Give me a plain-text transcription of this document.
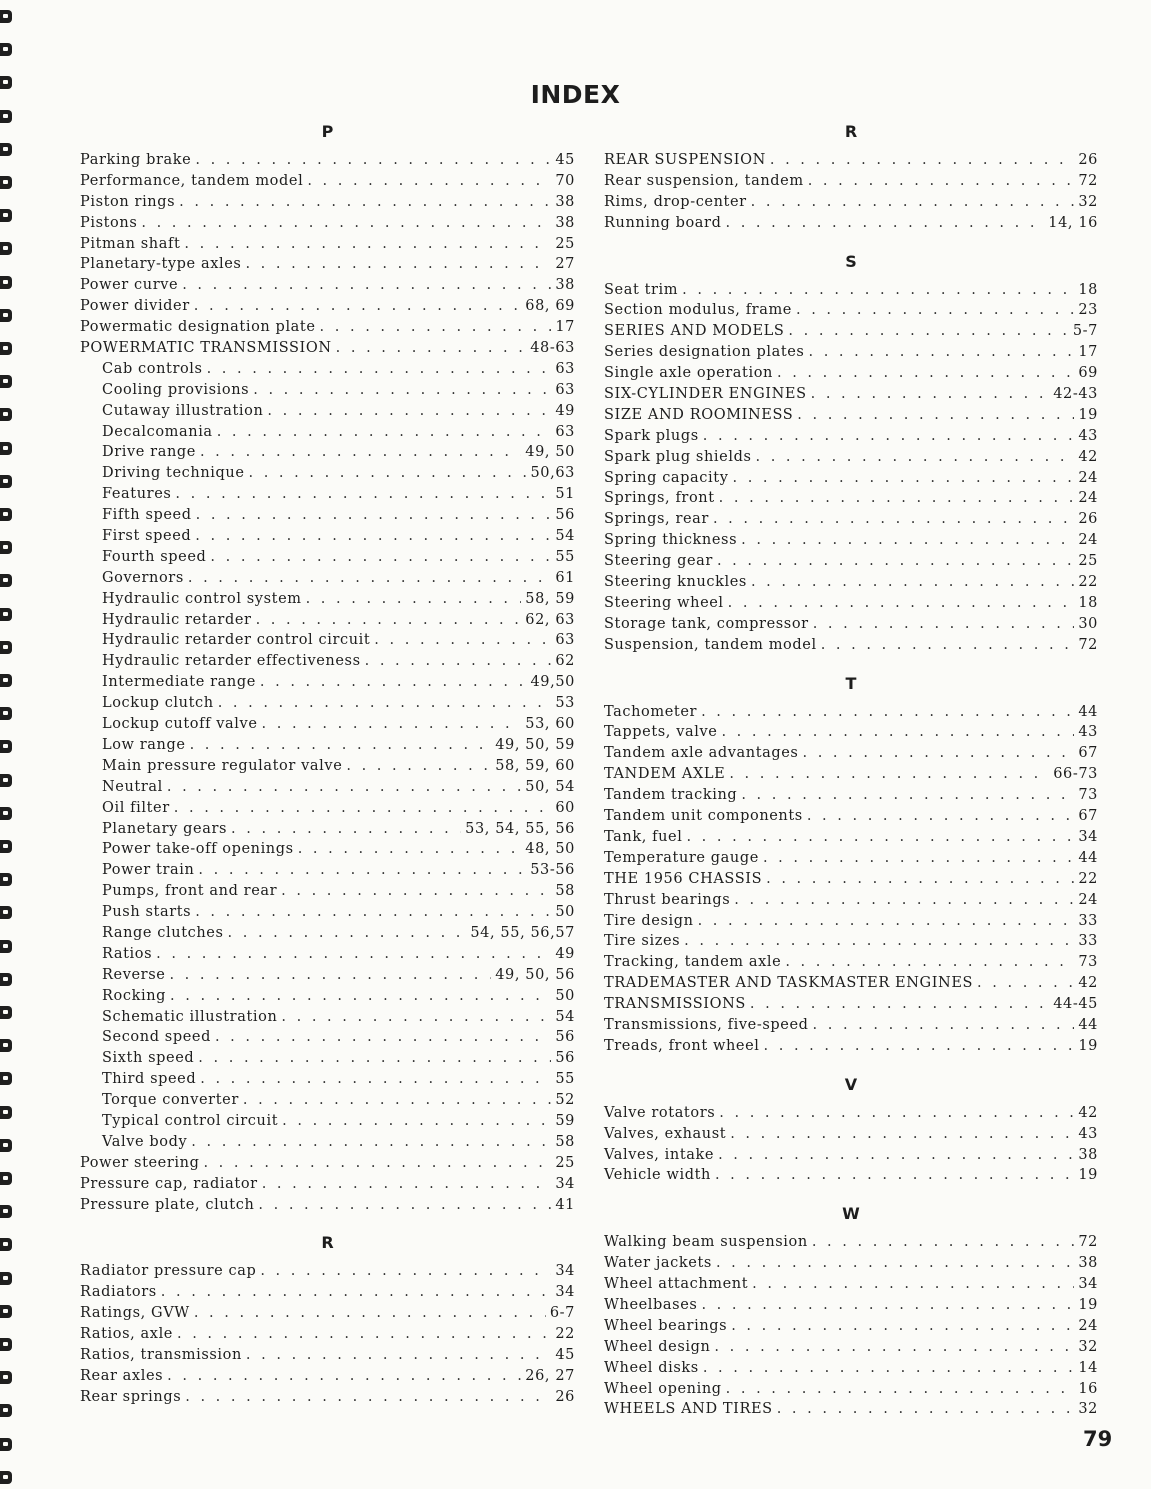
INDEX
P
Parking brake . . .	45
Performance, tandem model . . .	70
Piston rings . . .	38
Pistons . . .	38
Pitman shaft . . .	25
Planetary-type axles . . .	27
Power curve . . .	38
Power divider . . .	68, 69
Powermatic designation plate . . .	17
POWERMATIC TRANSMISSION . . .	48-63
Cab controls . . .	63
Cooling provisions . . .	63
Cutaway illustration . . .	49
Decalcomania . . .	63
Drive range . . .	49, 50
Driving technique . . .	50,63
Features . . .	51
Fifth speed . . .	56
First speed . . .	54
Fourth speed . . .	55
Governors . . .	61
Hydraulic control system . . .	58, 59
Hydraulic retarder . . .	62, 63
Hydraulic retarder control circuit . . .	63
Hydraulic retarder effectiveness . . .	62
Intermediate range . . .	49,50
Lockup clutch . . .	53
Lockup cutoff valve . . .	53, 60
Low range . . .	49, 50, 59
Main pressure regulator valve . . .	58, 59, 60
Neutral . . .	50, 54
Oil filter . . .	60
Planetary gears . . .	53, 54, 55, 56
Power take-off openings . . .	48, 50
Power train . . .	53-56
Pumps, front and rear . . .	58
Push starts . . .	50
Range clutches . . .	54, 55, 56,57
Ratios . . .	49
Reverse . . .	49, 50, 56
Rocking . . .	50
Schematic illustration . . .	54
Second speed . . .	56
Sixth speed . . .	56
Third speed . . .	55
Torque converter . . .	52
Typical control circuit . . .	59
Valve body . . .	58
Power steering . . .	25
Pressure cap, radiator . . .	34
Pressure plate, clutch . . .	41
R
Radiator pressure cap . . .	34
Radiators . . .	34
Ratings, GVW . . .	6-7
Ratios, axle . . .	22
Ratios, transmission . . .	45
Rear axles . . .	26, 27
Rear springs . . .	26
R
REAR SUSPENSION . . .	26
Rear suspension, tandem . . .	72
Rims, drop-center . . .	32
Running board . . .	14, 16
S
Seat trim . . .	18
Section modulus, frame . . .	23
SERIES AND MODELS . . .	5-7
Series designation plates . . .	17
Single axle operation . . .	69
SIX-CYLINDER ENGINES . . .	42-43
SIZE AND ROOMINESS . . .	19
Spark plugs . . .	43
Spark plug shields . . .	42
Spring capacity . . .	24
Springs, front . . .	24
Springs, rear . . .	26
Spring thickness . . .	24
Steering gear . . .	25
Steering knuckles . . .	22
Steering wheel . . .	18
Storage tank, compressor . . .	30
Suspension, tandem model . . .	72
T
Tachometer . . .	44
Tappets, valve . . .	43
Tandem axle advantages . . .	67
TANDEM AXLE . . .	66-73
Tandem tracking . . .	73
Tandem unit components . . .	67
Tank, fuel . . .	34
Temperature gauge . . .	44
THE 1956 CHASSIS . . .	22
Thrust bearings . . .	24
Tire design . . .	33
Tire sizes . . .	33
Tracking, tandem axle . . .	73
TRADEMASTER AND TASKMASTER ENGINES . . .	42
TRANSMISSIONS . . .	44-45
Transmissions, five-speed . . .	44
Treads, front wheel . . .	19
V
Valve rotators . . .	42
Valves, exhaust . . .	43
Valves, intake . . .	38
Vehicle width . . .	19
W
Walking beam suspension . . .	72
Water jackets . . .	38
Wheel attachment . . .	34
Wheelbases . . .	19
Wheel bearings . . .	24
Wheel design . . .	32
Wheel disks . . .	14
Wheel opening . . .	16
WHEELS AND TIRES . . .	32
79
